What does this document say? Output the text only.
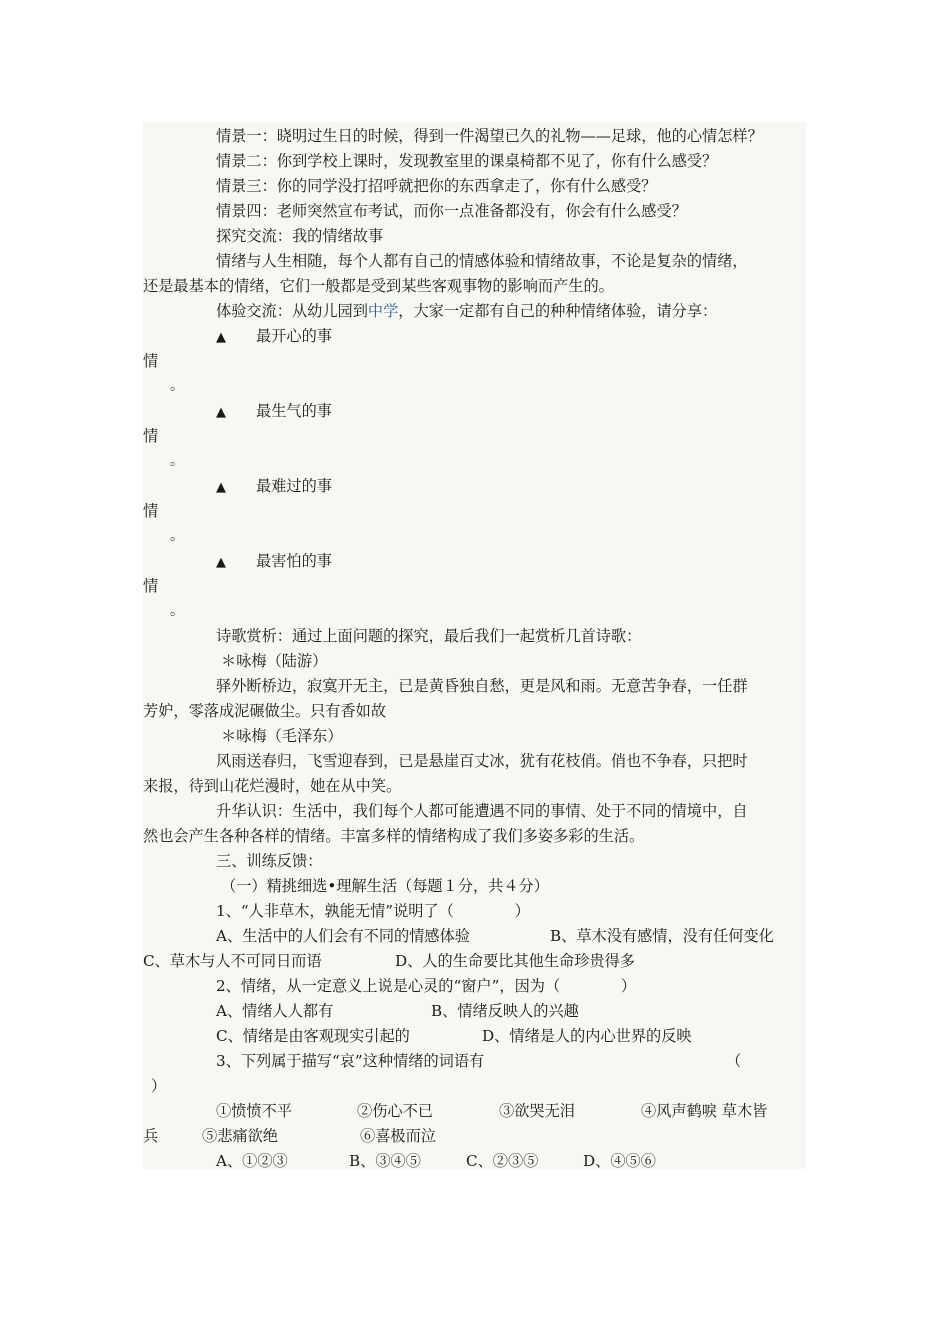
情景一：晓明过生日的时候，得到一件渴望已久的礼物——足球，他的心情怎样？
情景二：你到学校上课时，发现教室里的课桌椅都不见了，你有什么感受？
情景三：你的同学没打招呼就把你的东西拿走了，你有什么感受？
情景四：老师突然宣布考试，而你一点准备都没有，你会有什么感受？
探究交流：我的情绪故事
情绪与人生相随，每个人都有自己的情感体验和情绪故事，不论是复杂的情绪，
还是最基本的情绪，它们一般都是受到某些客观事物的影响而产生的。
体验交流：从幼儿园到中学，大家一定都有自己的种种情绪体验，请分享：
▲ 最开心的事
情
。
▲ 最生气的事
情
。
▲ 最难过的事
情
。
▲ 最害怕的事
情
。
诗歌赏析：通过上面问题的探究，最后我们一起赏析几首诗歌：
＊咏梅（陆游）
驿外断桥边，寂寞开无主，已是黄昏独自愁，更是风和雨。无意苦争春，一任群
芳妒，零落成泥碾做尘。只有香如故
＊咏梅（毛泽东）
风雨送春归，飞雪迎春到，已是悬崖百丈冰，犹有花枝俏。俏也不争春，只把时
来报，待到山花烂漫时，她在从中笑。
升华认识：生活中，我们每个人都可能遭遇不同的事情、处于不同的情境中，自
然也会产生各种各样的情绪。丰富多样的情绪构成了我们多姿多彩的生活。
三、训练反馈：
（一）精挑细选•理解生活（每题１分，共４分）
1、“人非草木，孰能无情”说明了（　　　　）
A、生活中的人们会有不同的情感体验	B、草木没有感情，没有任何变化
C、草木与人不可同日而语	D、人的生命要比其他生命珍贵得多
2、情绪，从一定意义上说是心灵的“窗户”，因为（　　　　）
A、情绪人人都有	B、情绪反映人的兴趣
C、情绪是由客观现实引起的	D、情绪是人的内心世界的反映
3、下列属于描写“哀”这种情绪的词语有	（
）
①愤愤不平	②伤心不已	③欲哭无泪	④风声鹤唳 草木皆
兵	⑤悲痛欲绝	⑥喜极而泣
A、①②③	B、③④⑤	C、②③⑤	D、④⑤⑥
